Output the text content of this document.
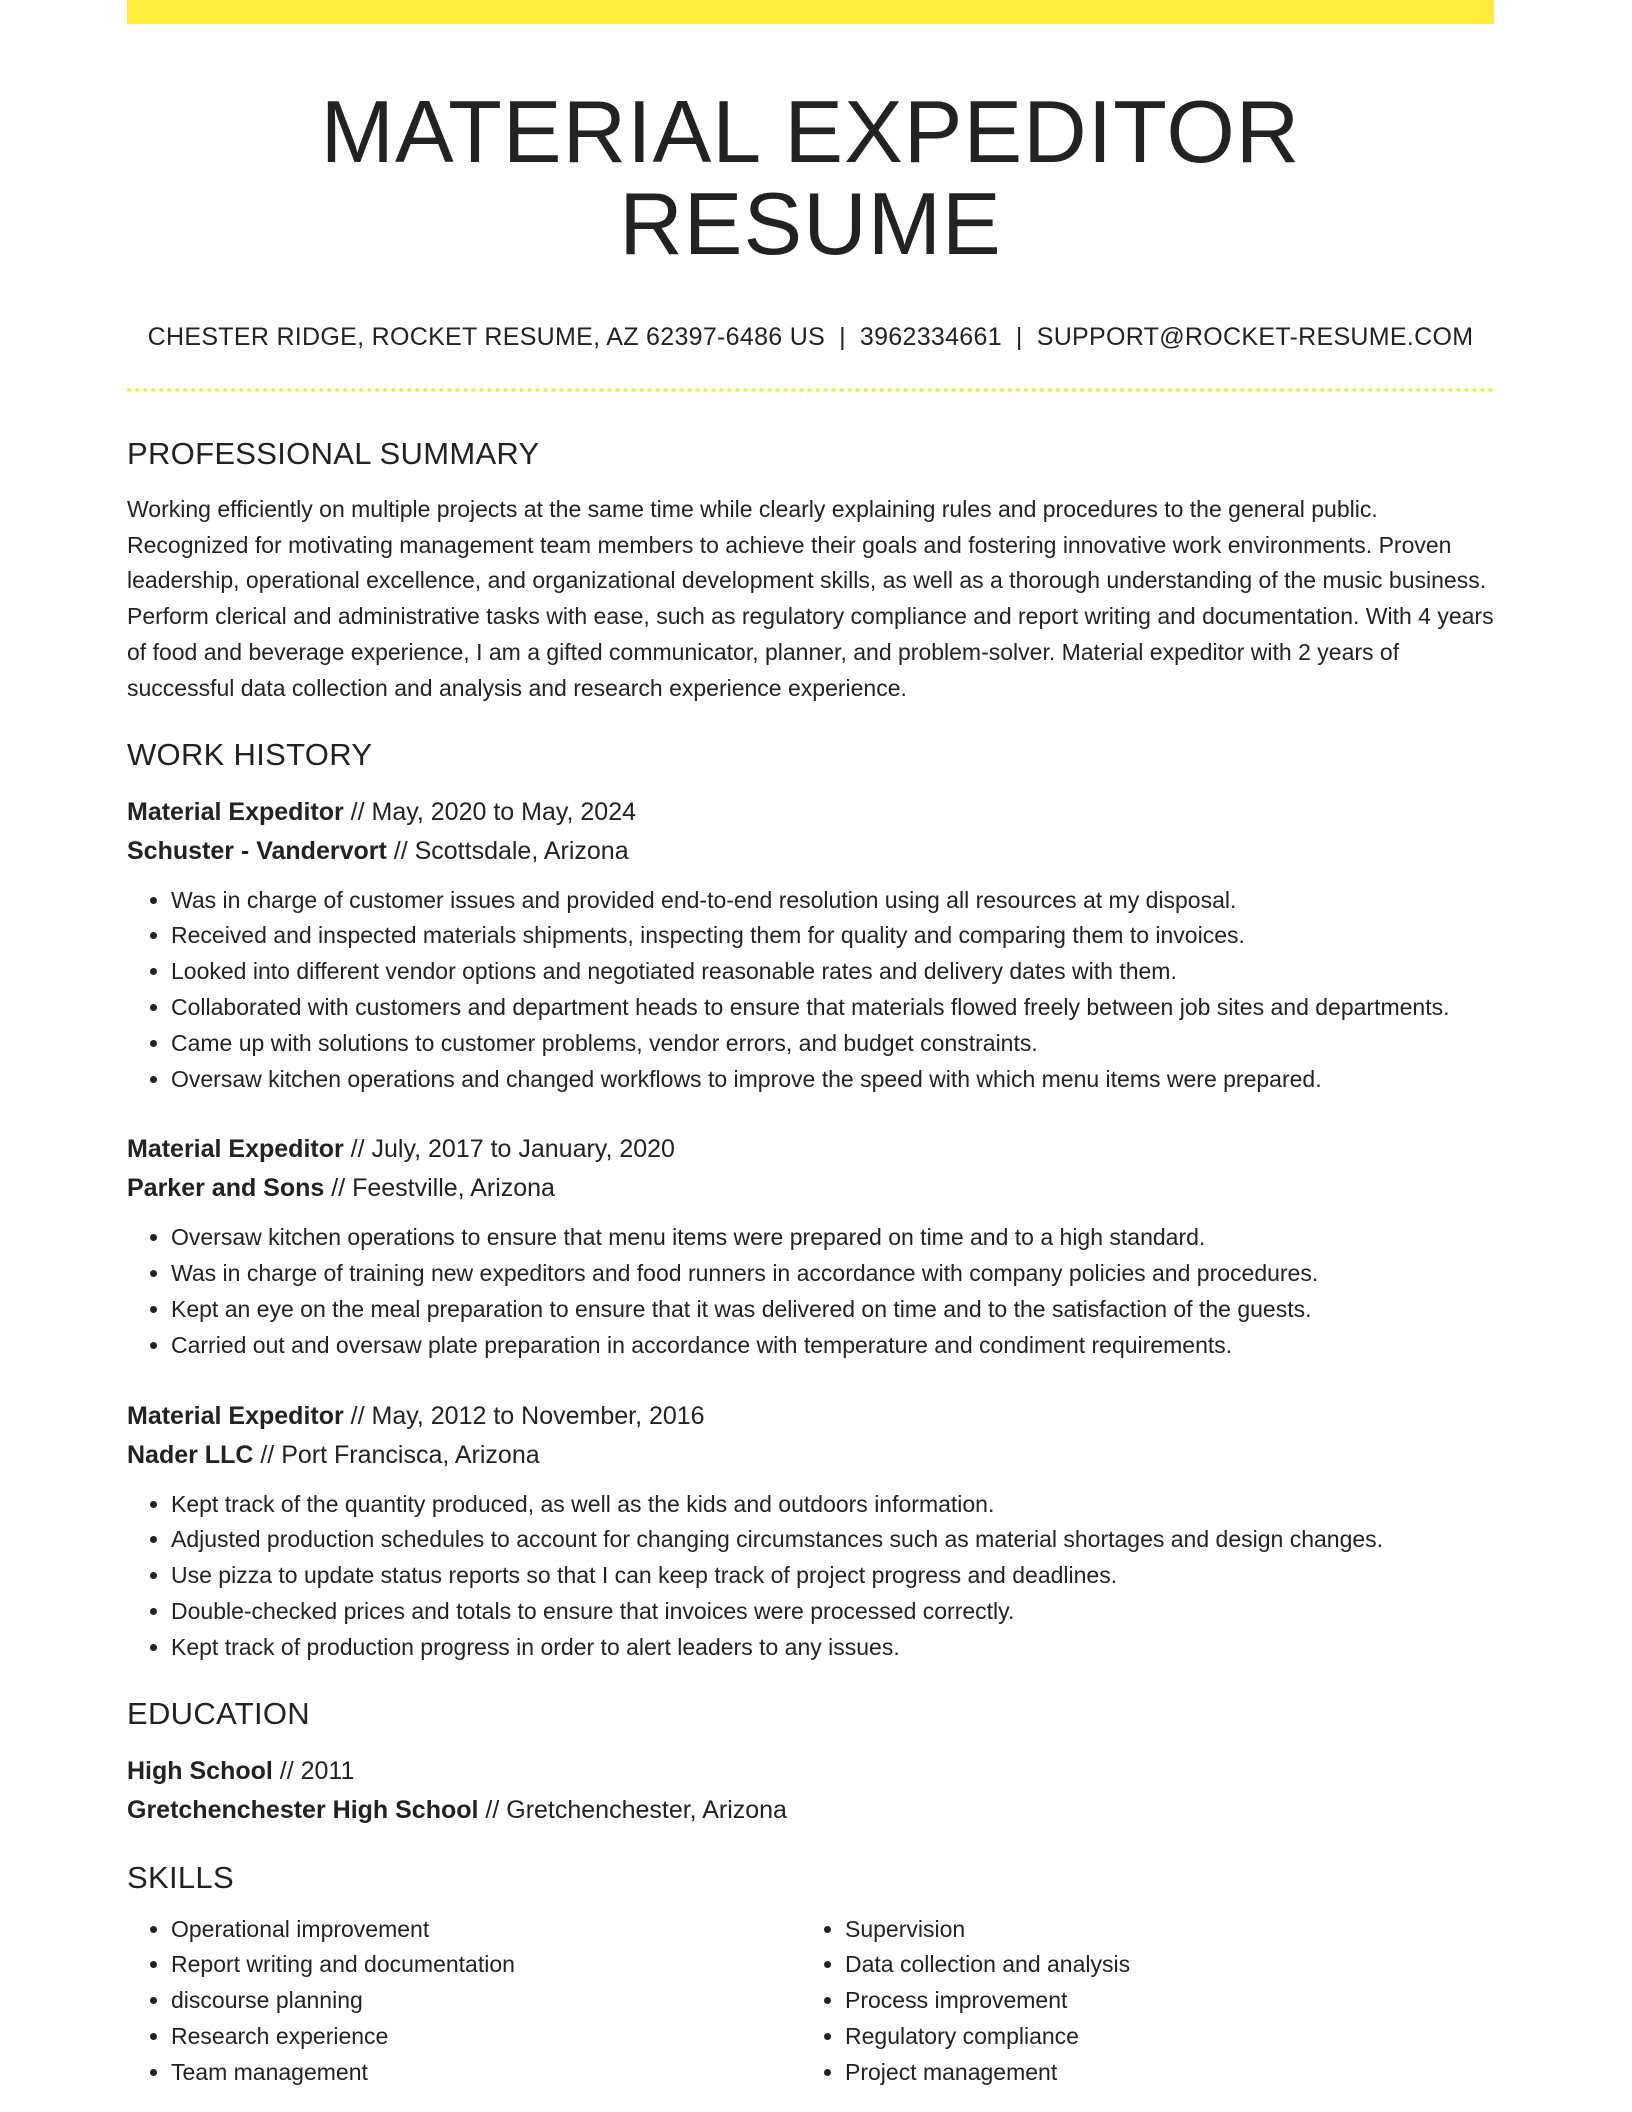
MATERIAL EXPEDITOR RESUME
CHESTER RIDGE, ROCKET RESUME, AZ 62397-6486 US | 3962334661 | SUPPORT@ROCKET-RESUME.COM
PROFESSIONAL SUMMARY
Working efficiently on multiple projects at the same time while clearly explaining rules and procedures to the general public. Recognized for motivating management team members to achieve their goals and fostering innovative work environments. Proven leadership, operational excellence, and organizational development skills, as well as a thorough understanding of the music business. Perform clerical and administrative tasks with ease, such as regulatory compliance and report writing and documentation. With 4 years of food and beverage experience, I am a gifted communicator, planner, and problem-solver. Material expeditor with 2 years of successful data collection and analysis and research experience experience.
WORK HISTORY
Material Expeditor // May, 2020 to May, 2024
Schuster - Vandervort // Scottsdale, Arizona
• Was in charge of customer issues and provided end-to-end resolution using all resources at my disposal.
• Received and inspected materials shipments, inspecting them for quality and comparing them to invoices.
• Looked into different vendor options and negotiated reasonable rates and delivery dates with them.
• Collaborated with customers and department heads to ensure that materials flowed freely between job sites and departments.
• Came up with solutions to customer problems, vendor errors, and budget constraints.
• Oversaw kitchen operations and changed workflows to improve the speed with which menu items were prepared.
Material Expeditor // July, 2017 to January, 2020
Parker and Sons // Feestville, Arizona
• Oversaw kitchen operations to ensure that menu items were prepared on time and to a high standard.
• Was in charge of training new expeditors and food runners in accordance with company policies and procedures.
• Kept an eye on the meal preparation to ensure that it was delivered on time and to the satisfaction of the guests.
• Carried out and oversaw plate preparation in accordance with temperature and condiment requirements.
Material Expeditor // May, 2012 to November, 2016
Nader LLC // Port Francisca, Arizona
• Kept track of the quantity produced, as well as the kids and outdoors information.
• Adjusted production schedules to account for changing circumstances such as material shortages and design changes.
• Use pizza to update status reports so that I can keep track of project progress and deadlines.
• Double-checked prices and totals to ensure that invoices were processed correctly.
• Kept track of production progress in order to alert leaders to any issues.
EDUCATION
High School // 2011
Gretchenchester High School // Gretchenchester, Arizona
SKILLS
• Operational improvement
• Report writing and documentation
• discourse planning
• Research experience
• Team management
• Supervision
• Data collection and analysis
• Process improvement
• Regulatory compliance
• Project management
